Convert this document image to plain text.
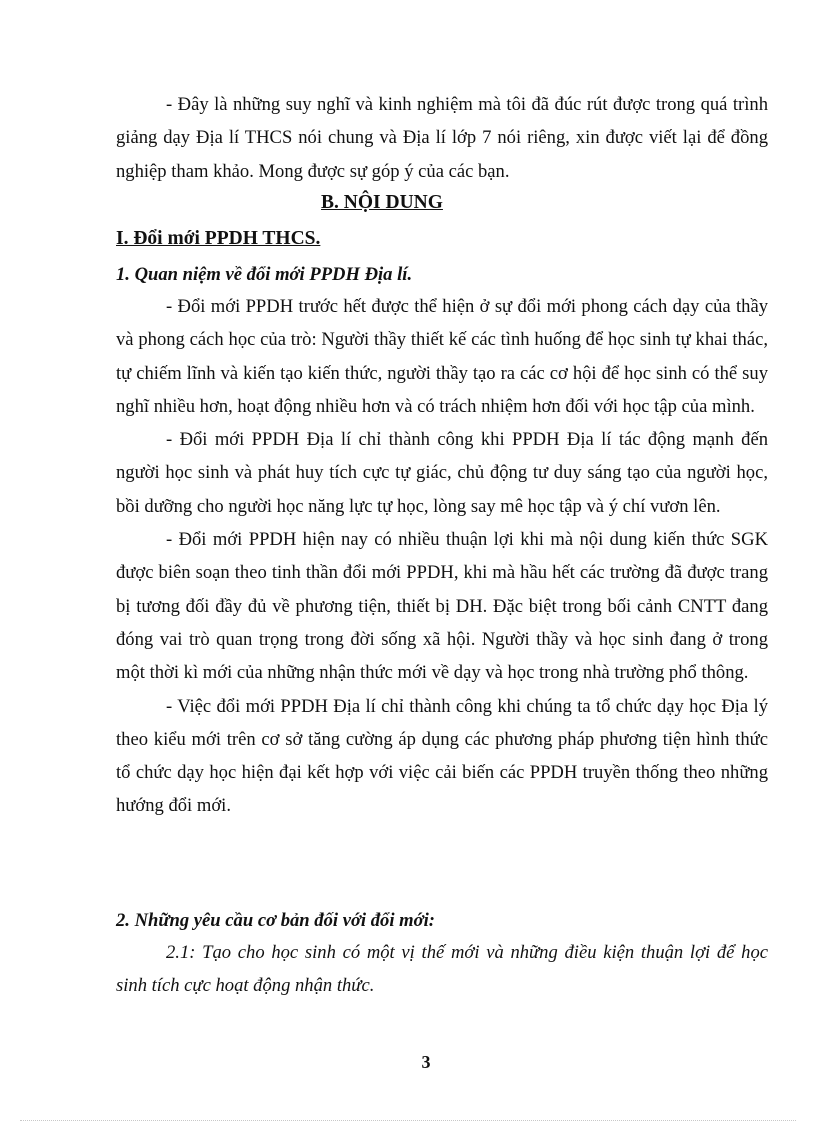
- Đây là những suy nghĩ và kinh nghiệm mà tôi đã đúc rút được trong quá trình giảng dạy Địa lí THCS nói chung và Địa lí lớp 7 nói riêng, xin được viết lại để đồng nghiệp tham khảo. Mong được sự góp ý của các bạn.

B. NỘI DUNG

I. Đổi mới PPDH THCS.

1. Quan niệm về đổi mới PPDH Địa lí.

- Đổi mới PPDH trước hết được thể hiện ở sự đổi mới phong cách dạy của thầy và phong cách học của trò: Người thầy thiết kế các tình huống để học sinh tự khai thác, tự chiếm lĩnh và kiến tạo kiến thức, người thầy tạo ra các cơ hội để học sinh có thể suy nghĩ nhiều hơn, hoạt động nhiều hơn và có trách nhiệm hơn đối với học tập của mình.

- Đổi mới PPDH Địa lí chỉ thành công khi PPDH Địa lí tác động mạnh đến người học sinh và phát huy tích cực tự giác, chủ động tư duy sáng tạo của người học, bồi dưỡng cho người học năng lực tự học, lòng say mê học tập và ý chí vươn lên.

- Đổi mới PPDH hiện nay có nhiều thuận lợi khi mà nội dung kiến thức SGK được biên soạn theo tinh thần đổi mới PPDH, khi mà hầu hết các trường đã được trang bị tương đối đầy đủ về phương tiện, thiết bị DH. Đặc biệt trong bối cảnh CNTT đang đóng vai trò quan trọng trong đời sống xã hội. Người thầy và học sinh đang ở trong một thời kì mới của những nhận thức mới về dạy và học trong nhà trường phổ thông.

- Việc đổi mới PPDH Địa lí chỉ thành công khi chúng ta tổ chức dạy học Địa lý theo kiểu mới trên cơ sở tăng cường áp dụng các phương pháp phương tiện hình thức tổ chức dạy học hiện đại kết hợp với việc cải biến các PPDH truyền thống theo những hướng đổi mới.

2. Những yêu cầu cơ bản đối với đổi mới:

2.1: Tạo cho học sinh có một vị thế mới và những điều kiện thuận lợi để học sinh tích cực hoạt động nhận thức.

3
